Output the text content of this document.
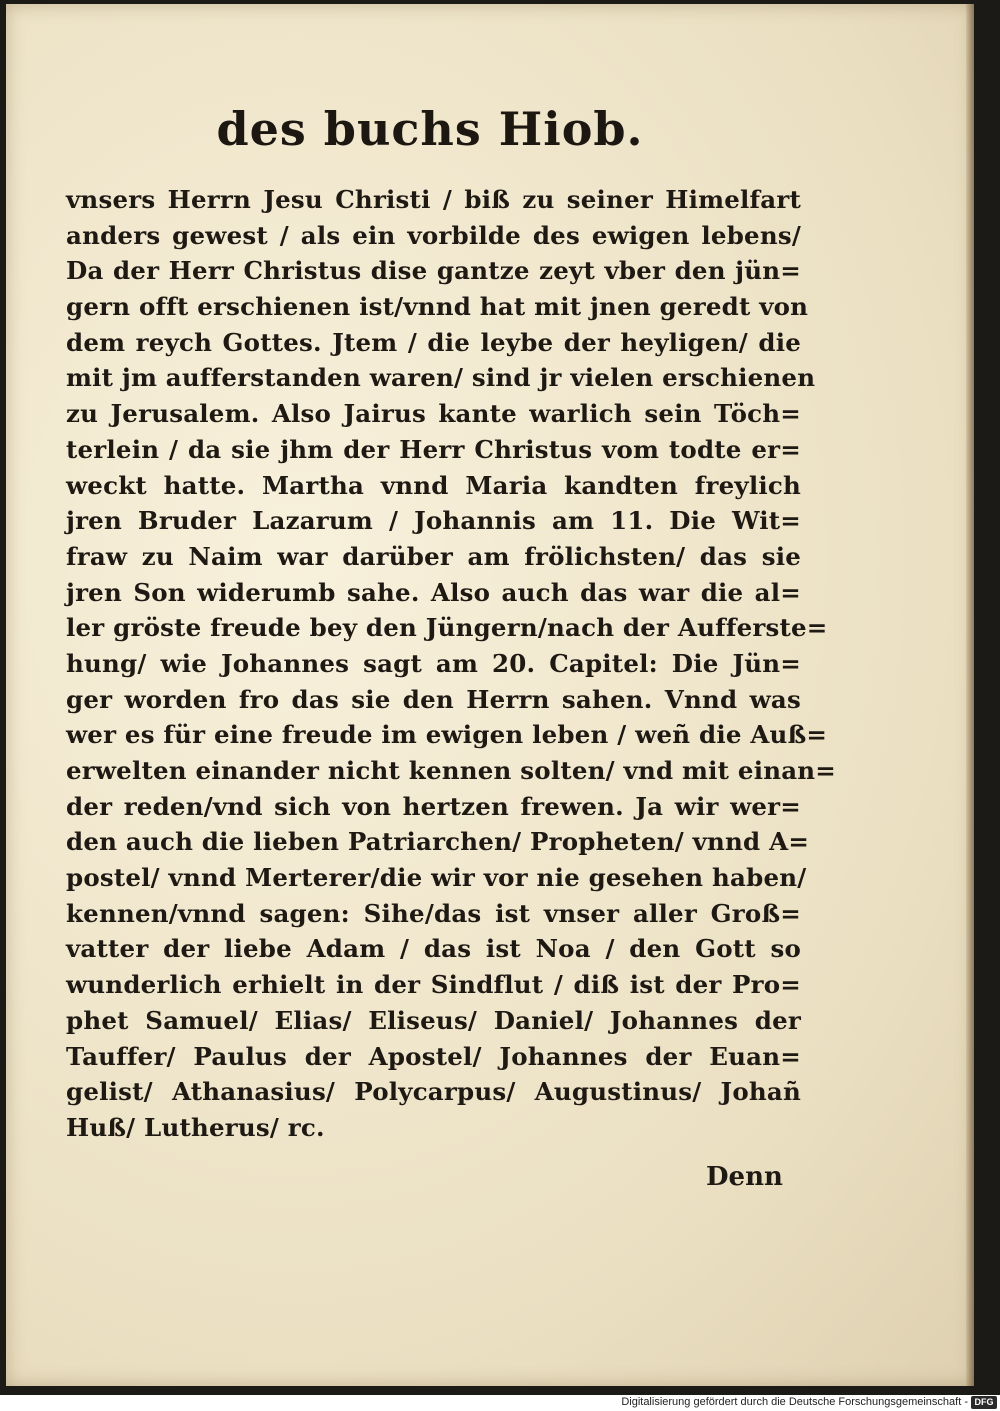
des buchs Hiob.
vnsers Herrn Jesu Christi / biß zu seiner Himelfart
anders gewest / als ein vorbilde des ewigen lebens/
Da der Herr Christus dise gantze zeyt vber den jün=
gern offt erschienen ist/vnnd hat mit jnen geredt von
dem reych Gottes. Jtem / die leybe der heyligen/ die
mit jm aufferstanden waren/ sind jr vielen erschienen
zu Jerusalem. Also Jairus kante warlich sein Töch=
terlein / da sie jhm der Herr Christus vom todte er=
weckt hatte. Martha vnnd Maria kandten freylich
jren Bruder Lazarum / Johannis am 11. Die Wit=
fraw zu Naim war darüber am frölichsten/ das sie
jren Son widerumb sahe. Also auch das war die al=
ler gröste freude bey den Jüngern/nach der Aufferste=
hung/ wie Johannes sagt am 20. Capitel: Die Jün=
ger worden fro das sie den Herrn sahen. Vnnd was
wer es für eine freude im ewigen leben / weñ die Auß=
erwelten einander nicht kennen solten/ vnd mit einan=
der reden/vnd sich von hertzen frewen. Ja wir wer=
den auch die lieben Patriarchen/ Propheten/ vnnd A=
postel/ vnnd Merterer/die wir vor nie gesehen haben/
kennen/vnnd sagen: Sihe/das ist vnser aller Groß=
vatter der liebe Adam / das ist Noa / den Gott so
wunderlich erhielt in der Sindflut / diß ist der Pro=
phet Samuel/ Elias/ Eliseus/ Daniel/ Johannes der
Tauffer/ Paulus der Apostel/ Johannes der Euan=
gelist/ Athanasius/ Polycarpus/ Augustinus/ Johañ
Huß/ Lutherus/ rc.
Denn
Digitalisierung gefördert durch die Deutsche Forschungsgemeinschaft - DFG
